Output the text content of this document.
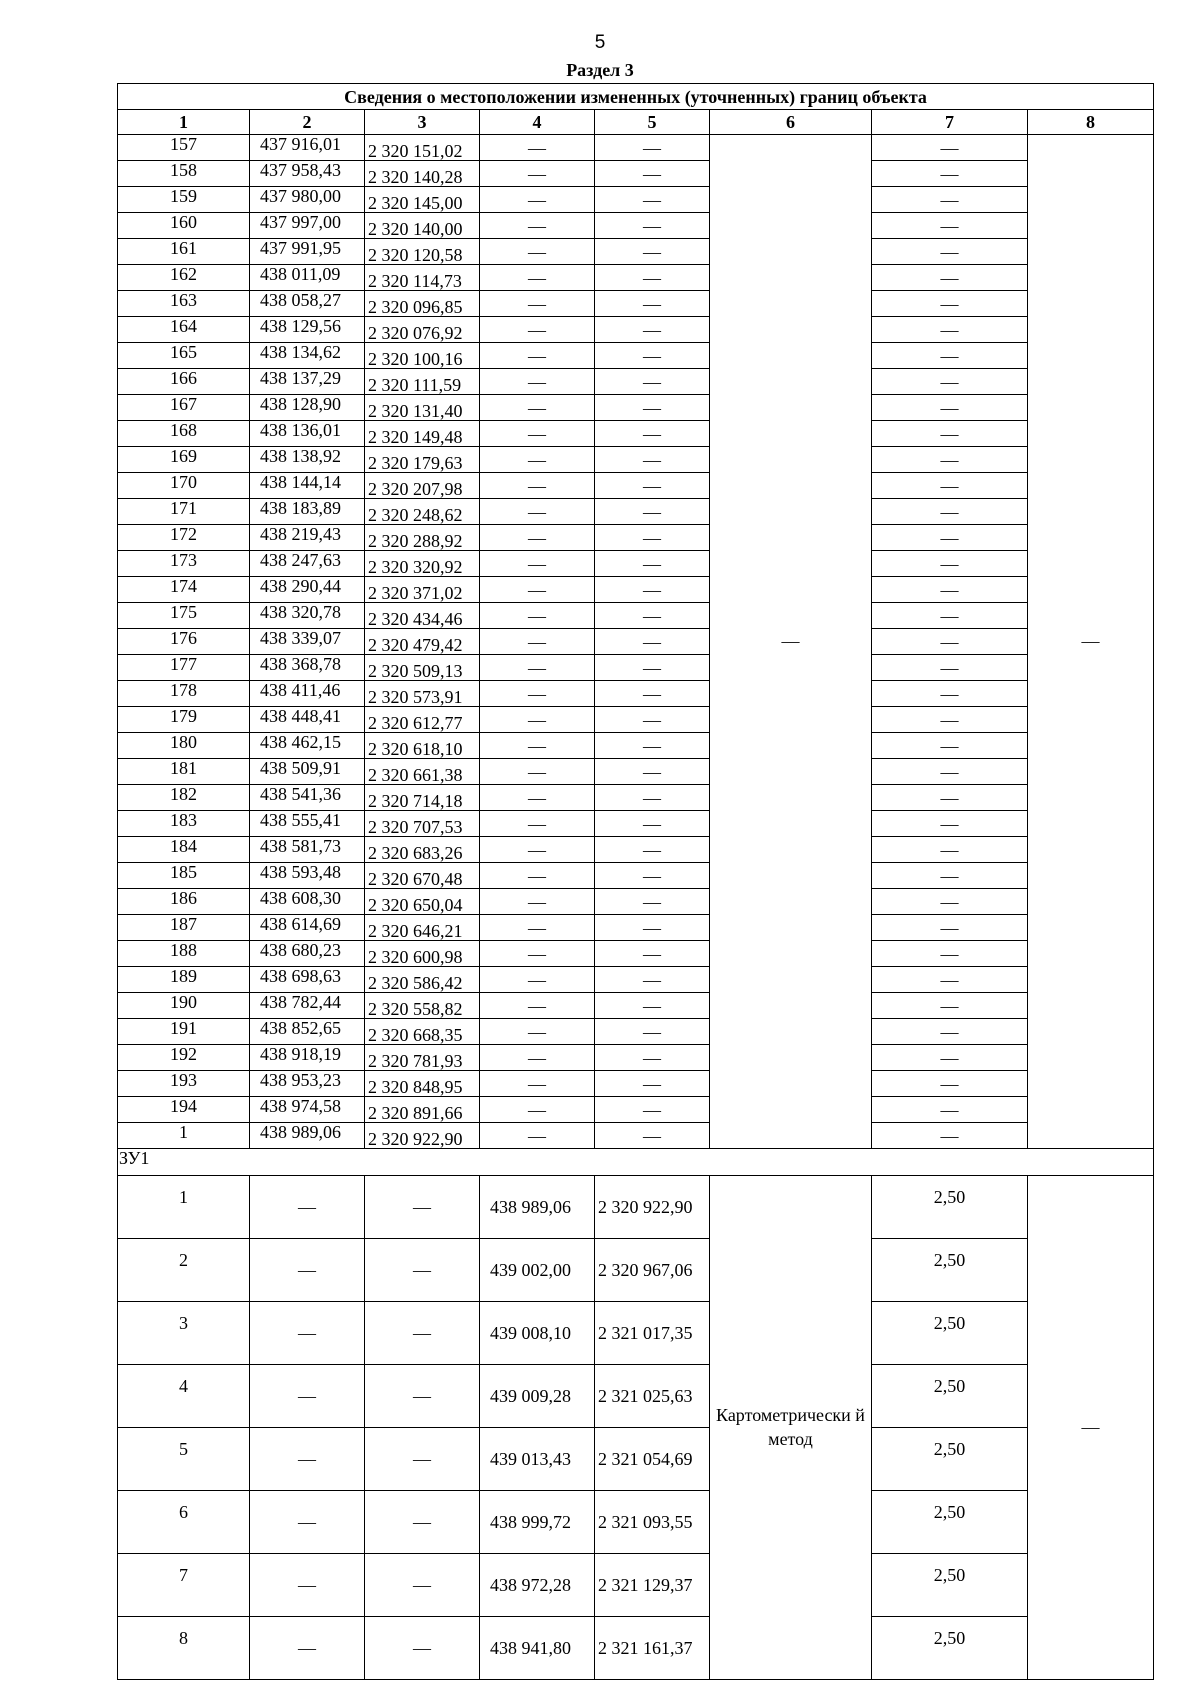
5
Раздел 3
Сведения о местоположении измененных (уточненных) границ объекта							
1	2	3	4	5	6	7	8
157	437 916,01	2 320 151,02	—	—	—	—	—
158	437 958,43	2 320 140,28	—	—		—	
159	437 980,00	2 320 145,00	—	—		—	
160	437 997,00	2 320 140,00	—	—		—	
161	437 991,95	2 320 120,58	—	—		—	
162	438 011,09	2 320 114,73	—	—		—	
163	438 058,27	2 320 096,85	—	—		—	
164	438 129,56	2 320 076,92	—	—		—	
165	438 134,62	2 320 100,16	—	—		—	
166	438 137,29	2 320 111,59	—	—		—	
167	438 128,90	2 320 131,40	—	—		—	
168	438 136,01	2 320 149,48	—	—		—	
169	438 138,92	2 320 179,63	—	—		—	
170	438 144,14	2 320 207,98	—	—		—	
171	438 183,89	2 320 248,62	—	—		—	
172	438 219,43	2 320 288,92	—	—		—	
173	438 247,63	2 320 320,92	—	—		—	
174	438 290,44	2 320 371,02	—	—		—	
175	438 320,78	2 320 434,46	—	—		—	
176	438 339,07	2 320 479,42	—	—		—	
177	438 368,78	2 320 509,13	—	—		—	
178	438 411,46	2 320 573,91	—	—		—	
179	438 448,41	2 320 612,77	—	—		—	
180	438 462,15	2 320 618,10	—	—		—	
181	438 509,91	2 320 661,38	—	—		—	
182	438 541,36	2 320 714,18	—	—		—	
183	438 555,41	2 320 707,53	—	—		—	
184	438 581,73	2 320 683,26	—	—		—	
185	438 593,48	2 320 670,48	—	—		—	
186	438 608,30	2 320 650,04	—	—		—	
187	438 614,69	2 320 646,21	—	—		—	
188	438 680,23	2 320 600,98	—	—		—	
189	438 698,63	2 320 586,42	—	—		—	
190	438 782,44	2 320 558,82	—	—		—	
191	438 852,65	2 320 668,35	—	—		—	
192	438 918,19	2 320 781,93	—	—		—	
193	438 953,23	2 320 848,95	—	—		—	
194	438 974,58	2 320 891,66	—	—		—	
1	438 989,06	2 320 922,90	—	—		—	
ЗУ1							
1	—	—	438 989,06	2 320 922,90	Картометрически й метод	2,50	—
2	—	—	439 002,00	2 320 967,06		2,50	
3	—	—	439 008,10	2 321 017,35		2,50	
4	—	—	439 009,28	2 321 025,63		2,50	
5	—	—	439 013,43	2 321 054,69		2,50	
6	—	—	438 999,72	2 321 093,55		2,50	
7	—	—	438 972,28	2 321 129,37		2,50	
8	—	—	438 941,80	2 321 161,37		2,50	
